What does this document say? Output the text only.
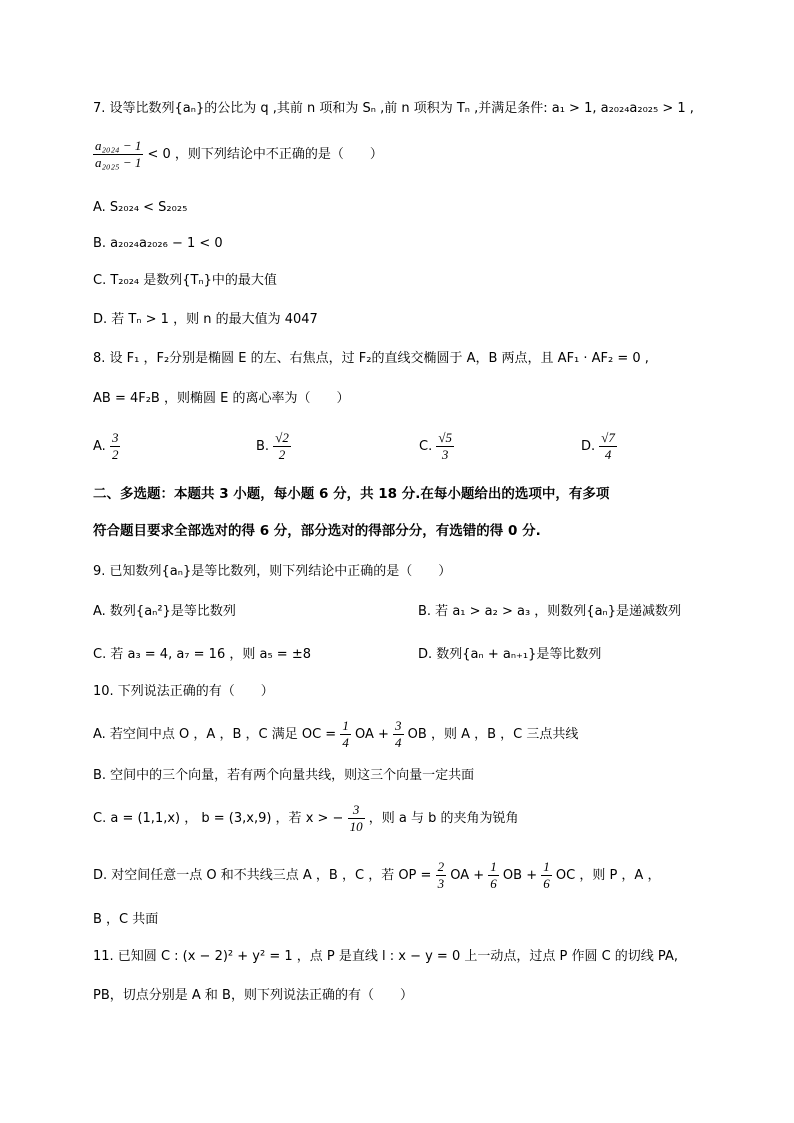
7. 设等比数列{aₙ}的公比为 q ,其前 n 项和为 Sₙ ,前 n 项积为 Tₙ ,并满足条件: a₁ > 1, a₂₀₂₄a₂₀₂₅ > 1 ,
$\frac{\text{a₂₀₂₄ − 1}}{\text{a₂₀₂₅ − 1}} < 0$ ，则下列结论中不正确的是（　　）
A. S₂₀₂₄ < S₂₀₂₅
B. a₂₀₂₄a₂₀₂₆ − 1 < 0
C. T₂₀₂₄ 是数列{Tₙ}中的最大值
D. 若 Tₙ > 1 ，则 n 的最大值为 4047
8. 设 F₁ ，F₂分别是椭圆 E 的左、右焦点，过 F₂的直线交椭圆于 A，B 两点，且 AF₁ · AF₂ = 0 ,
AB = 4F₂B ，则椭圆 E 的离心率为（　　）
A. $\frac{3}{2}$	B. $\frac{√2}{2}$	C. $\frac{√5}{3}$	D. $\frac{√7}{4}$
二、多选题：本题共 3 小题，每小题 6 分，共 18 分.在每小题给出的选项中，有多项
符合题目要求全部选对的得 6 分，部分选对的得部分分，有选错的得 0 分.
9. 已知数列{aₙ}是等比数列，则下列结论中正确的是（　　）
A. 数列{aₙ²}是等比数列	B. 若 a₁ > a₂ > a₃ ，则数列{aₙ}是递减数列
C. 若 a₃ = 4, a₇ = 16 ，则 a₅ = ±8	D. 数列{aₙ + aₙ₊₁}是等比数列
10. 下列说法正确的有（　　）
A. 若空间中点 O ，A ，B ，C 满足 OC = $\frac{1}{4}$ OA + $\frac{3}{4}$ OB ，则 A ，B ，C 三点共线
B. 空间中的三个向量，若有两个向量共线，则这三个向量一定共面
C. a = (1,1,x) ， b = (3,x,9) ，若 x > − $\frac{3}{10}$ ，则 a 与 b 的夹角为锐角
D. 对空间任意一点 O 和不共线三点 A ，B ，C ，若 OP = $\frac{2}{3}$ OA + $\frac{1}{6}$ OB + $\frac{1}{6}$ OC ，则 P ，A ，
B ，C 共面
11. 已知圆 C : (x − 2)² + y² = 1 ，点 P 是直线 l : x − y = 0 上一动点，过点 P 作圆 C 的切线 PA,
PB，切点分别是 A 和 B，则下列说法正确的有（　　）
